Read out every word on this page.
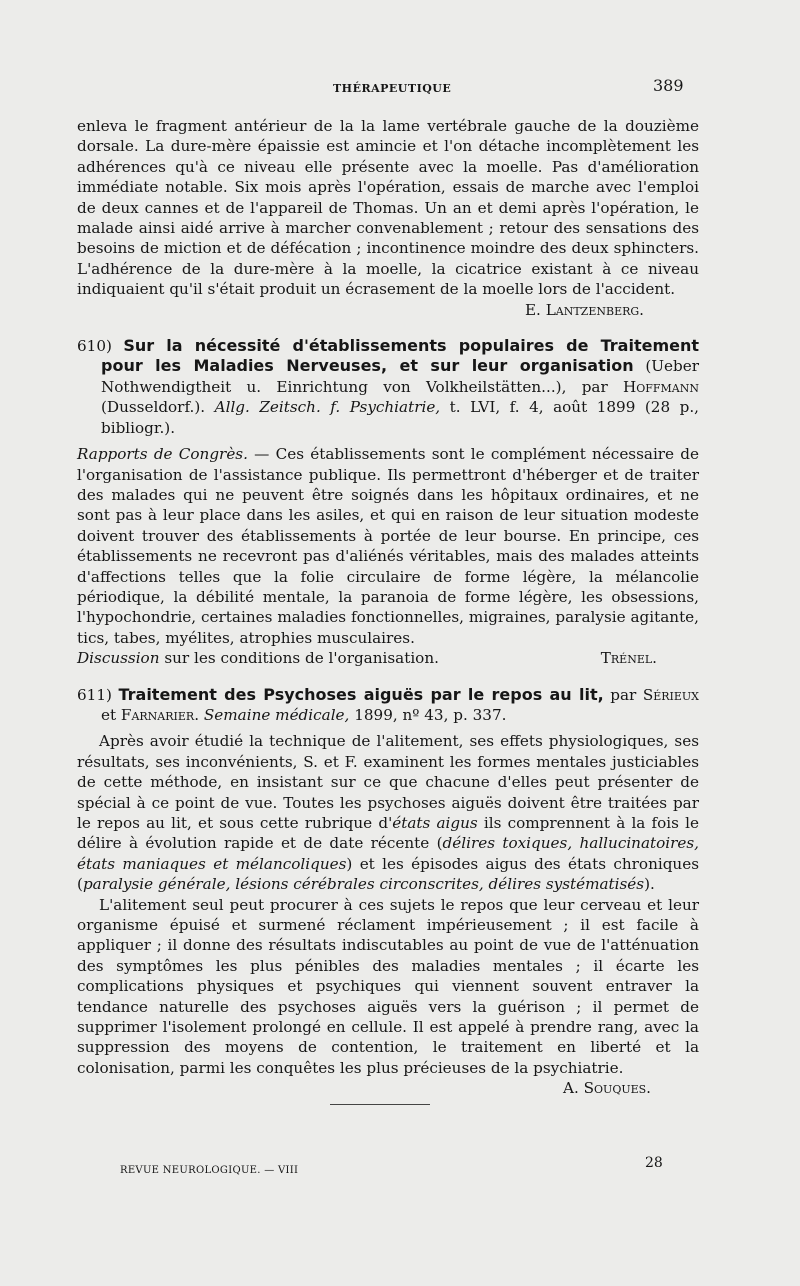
THÉRAPEUTIQUE	389

enleva le fragment antérieur de la la lame vertébrale gauche de la douzième dorsale. La dure-mère épaissie est amincie et l'on détache incomplètement les adhérences qu'à ce niveau elle présente avec la moelle. Pas d'amélioration immédiate notable. Six mois après l'opération, essais de marche avec l'emploi de deux cannes et de l'appareil de Thomas. Un an et demi après l'opération, le malade ainsi aidé arrive à marcher convenablement ; retour des sensations des besoins de miction et de défécation ; incontinence moindre des deux sphincters. L'adhérence de la dure-mère à la moelle, la cicatrice existant à ce niveau indiquaient qu'il s'était produit un écrasement de la moelle lors de l'accident.

E. Lantzenberg.

610) Sur la nécessité d'établissements populaires de Traitement pour les Maladies Nerveuses, et sur leur organisation (Ueber Nothwendigtheit u. Einrichtung von Volkheilstätten...), par Hoffmann (Dusseldorf.). Allg. Zeitsch. f. Psychiatrie, t. LVI, f. 4, août 1899 (28 p., bibliogr.).

Rapports de Congrès. — Ces établissements sont le complément nécessaire de l'organisation de l'assistance publique. Ils permettront d'héberger et de traiter des malades qui ne peuvent être soignés dans les hôpitaux ordinaires, et ne sont pas à leur place dans les asiles, et qui en raison de leur situation modeste doivent trouver des établissements à portée de leur bourse. En principe, ces établissements ne recevront pas d'aliénés véritables, mais des malades atteints d'affections telles que la folie circulaire de forme légère, la mélancolie périodique, la débilité mentale, la paranoia de forme légère, les obsessions, l'hypochondrie, certaines maladies fonctionnelles, migraines, paralysie agitante, tics, tabes, myélites, atrophies musculaires.

Discussion sur les conditions de l'organisation.	Trénel.

611) Traitement des Psychoses aiguës par le repos au lit, par Sérieux et Farnarier. Semaine médicale, 1899, nº 43, p. 337.

Après avoir étudié la technique de l'alitement, ses effets physiologiques, ses résultats, ses inconvénients, S. et F. examinent les formes mentales justiciables de cette méthode, en insistant sur ce que chacune d'elles peut présenter de spécial à ce point de vue. Toutes les psychoses aiguës doivent être traitées par le repos au lit, et sous cette rubrique d'états aigus ils comprennent à la fois le délire à évolution rapide et de date récente (délires toxiques, hallucinatoires, états maniaques et mélancoliques) et les épisodes aigus des états chroniques (paralysie générale, lésions cérébrales circonscrites, délires systématisés).

L'alitement seul peut procurer à ces sujets le repos que leur cerveau et leur organisme épuisé et surmené réclament impérieusement ; il est facile à appliquer ; il donne des résultats indiscutables au point de vue de l'atténuation des symptômes les plus pénibles des maladies mentales ; il écarte les complications physiques et psychiques qui viennent souvent entraver la tendance naturelle des psychoses aiguës vers la guérison ; il permet de supprimer l'isolement prolongé en cellule. Il est appelé à prendre rang, avec la suppression des moyens de contention, le traitement en liberté et la colonisation, parmi les conquêtes les plus précieuses de la psychiatrie.

A. Souques.

REVUE NEUROLOGIQUE. — VIII	28
